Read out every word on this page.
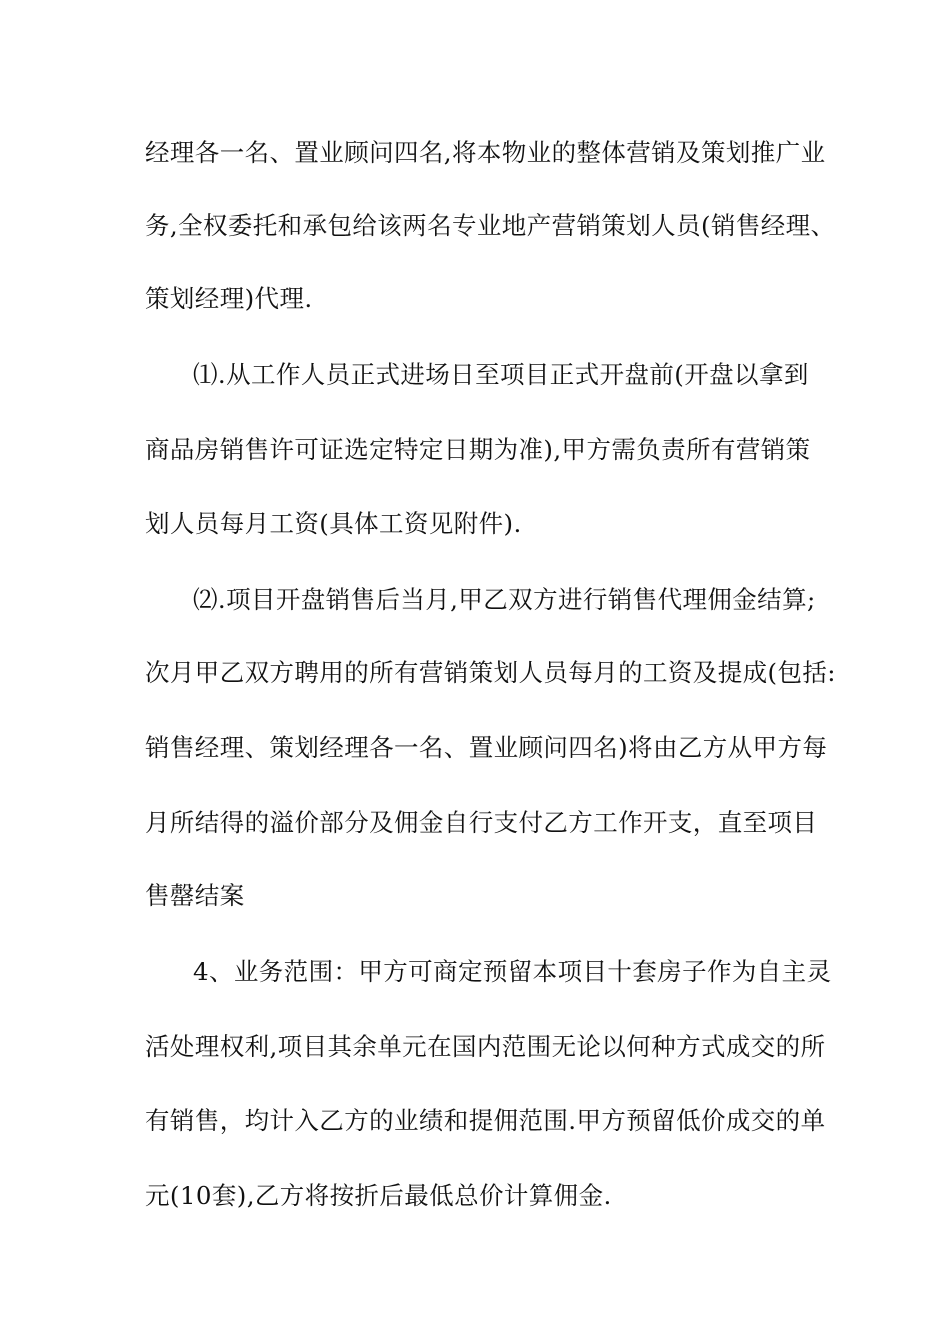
经理各一名、置业顾问四名,将本物业的整体营销及策划推广业
务,全权委托和承包给该两名专业地产营销策划人员(销售经理、
策划经理)代理.
⑴.从工作人员正式进场日至项目正式开盘前(开盘以拿到
商品房销售许可证选定特定日期为准),甲方需负责所有营销策
划人员每月工资(具体工资见附件).
⑵.项目开盘销售后当月,甲乙双方进行销售代理佣金结算;
次月甲乙双方聘用的所有营销策划人员每月的工资及提成(包括:
销售经理、策划经理各一名、置业顾问四名)将由乙方从甲方每
月所结得的溢价部分及佣金自行支付乙方工作开支，直至项目
售罄结案
4、业务范围：甲方可商定预留本项目十套房子作为自主灵
活处理权利,项目其余单元在国内范围无论以何种方式成交的所
有销售，均计入乙方的业绩和提佣范围.甲方预留低价成交的单
元(10套),乙方将按折后最低总价计算佣金.
